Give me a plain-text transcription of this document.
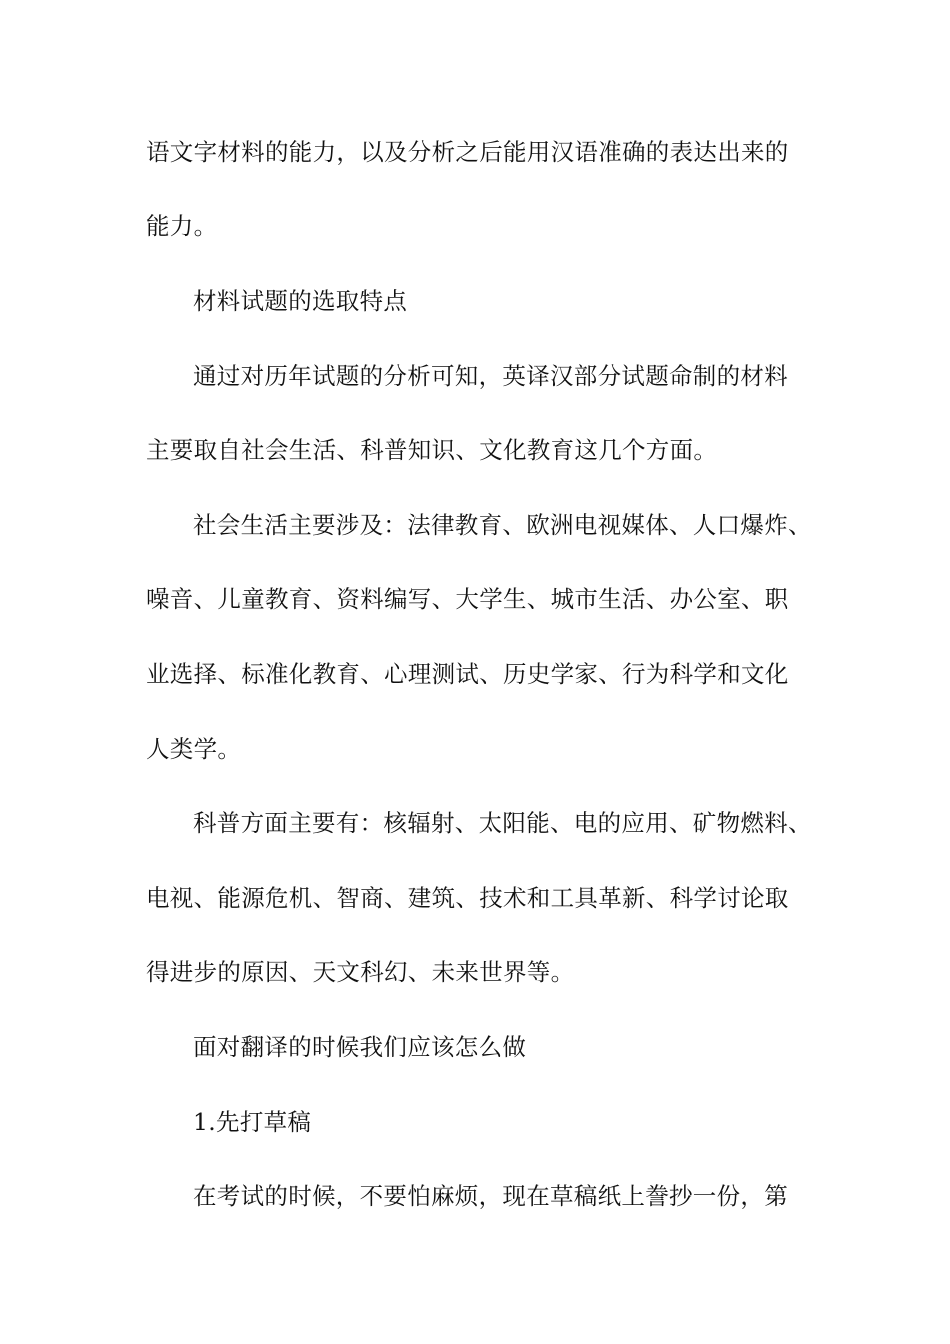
语文字材料的能力，以及分析之后能用汉语准确的表达出来的
能力。
材料试题的选取特点
通过对历年试题的分析可知，英译汉部分试题命制的材料
主要取自社会生活、科普知识、文化教育这几个方面。
社会生活主要涉及：法律教育、欧洲电视媒体、人口爆炸、
噪音、儿童教育、资料编写、大学生、城市生活、办公室、职
业选择、标准化教育、心理测试、历史学家、行为科学和文化
人类学。
科普方面主要有：核辐射、太阳能、电的应用、矿物燃料、
电视、能源危机、智商、建筑、技术和工具革新、科学讨论取
得进步的原因、天文科幻、未来世界等。
面对翻译的时候我们应该怎么做
1.先打草稿
在考试的时候，不要怕麻烦，现在草稿纸上誊抄一份，第
